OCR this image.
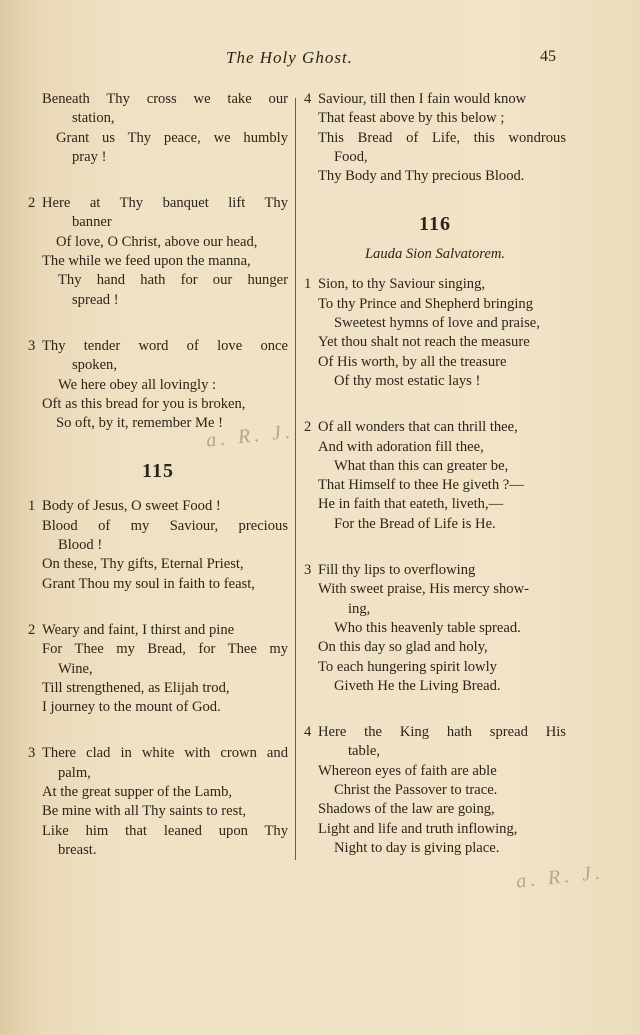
The Holy Ghost.	45
Beneath Thy cross we take our
station,
Grant us Thy peace, we humbly
pray !
2 Here at Thy banquet lift Thy
banner
Of love, O Christ, above our head,
The while we feed upon the manna,
Thy hand hath for our hunger
spread !
3 Thy tender word of love once
spoken,
We here obey all lovingly :
Oft as this bread for you is broken,
So oft, by it, remember Me !
115
1 Body of Jesus, O sweet Food !
Blood of my Saviour, precious
Blood !
On these, Thy gifts, Eternal Priest,
Grant Thou my soul in faith to feast,
2 Weary and faint, I thirst and pine
For Thee my Bread, for Thee my
Wine,
Till strengthened, as Elijah trod,
I journey to the mount of God.
3 There clad in white with crown and
palm,
At the great supper of the Lamb,
Be mine with all Thy saints to rest,
Like him that leaned upon Thy
breast.
4 Saviour, till then I fain would know
That feast above by this below ;
This Bread of Life, this wondrous
Food,
Thy Body and Thy precious Blood.
116
Lauda Sion Salvatorem.
1 Sion, to thy Saviour singing,
To thy Prince and Shepherd bringing
Sweetest hymns of love and praise,
Yet thou shalt not reach the measure
Of His worth, by all the treasure
Of thy most estatic lays !
2 Of all wonders that can thrill thee,
And with adoration fill thee,
What than this can greater be,
That Himself to thee He giveth ?—
He in faith that eateth, liveth,—
For the Bread of Life is He.
3 Fill thy lips to overflowing
With sweet praise, His mercy show-
ing,
Who this heavenly table spread.
On this day so glad and holy,
To each hungering spirit lowly
Giveth He the Living Bread.
4 Here the King hath spread His
table,
Whereon eyes of faith are able
Christ the Passover to trace.
Shadows of the law are going,
Light and life and truth inflowing,
Night to day is giving place.
a. R. J.
a. R. J.
